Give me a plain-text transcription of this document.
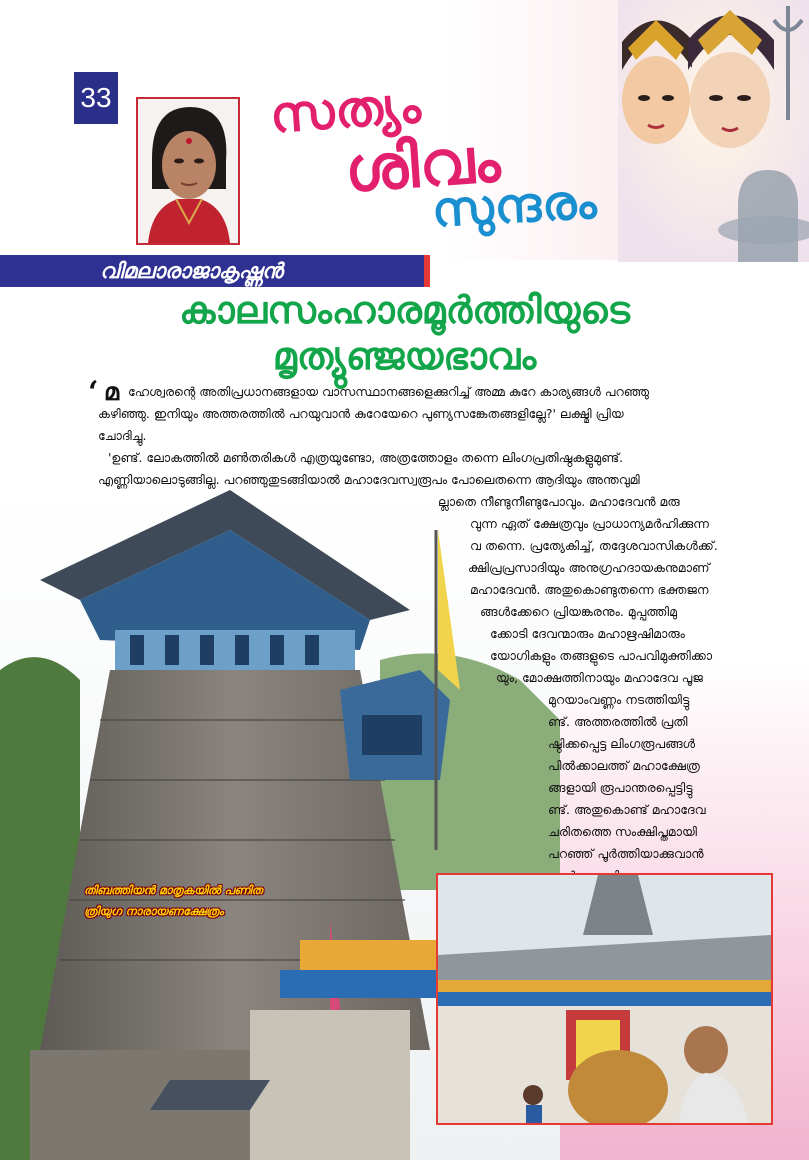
33	സത്യം
ശിവം
സുന്ദരം
വിമലാരാജാകൃഷ്ണൻ
കാലസംഹാരമൂർത്തിയുടെ
മൃത്യുഞ്ജയഭാവം
‘ മ ഹേശ്വരന്റെ അതിപ്രധാനങ്ങളായ വാസസ്ഥാനങ്ങളെക്കുറിച്ച് അമ്മ കുറേ കാര്യങ്ങൾ പറഞ്ഞു
കഴിഞ്ഞു. ഇനിയും അത്തരത്തിൽ പറയുവാൻ കുറേയേറെ പുണ്യസങ്കേതങ്ങളില്ലേ?' ലക്ഷ്മി പ്രിയ
ചോദിച്ചു.
'ഉണ്ട്. ലോകത്തിൽ മൺതരികൾ എത്രയുണ്ടോ, അത്രത്തോളം തന്നെ ലിംഗപ്രതിഷ്ഠകളുമുണ്ട്.
എണ്ണിയാലൊടുങ്ങില്ല. പറഞ്ഞുതുടങ്ങിയാൽ മഹാദേവസ്വരൂപം പോലെതന്നെ ആദിയും അന്തവുമി
തിബത്തിയൻ മാതൃകയിൽ പണിത
ത്രിയുഗ നാരായണക്ഷേത്രം
ല്ലാതെ നീണ്ടുനീണ്ടുപോവും. മഹാദേവൻ മരു
വുന്ന ഏത് ക്ഷേത്രവും പ്രാധാന്യമർഹിക്കുന്ന
വ തന്നെ. പ്രത്യേകിച്ച്, തദ്ദേശവാസികൾക്ക്.
ക്ഷിപ്രപ്രസാദിയും അനുഗ്രഹദായകനുമാണ്
മഹാദേവൻ. അതുകൊണ്ടുതന്നെ ഭക്തജന
ങ്ങൾക്കേറെ പ്രിയങ്കരനും. മുപ്പത്തിമു
ക്കോടി ദേവന്മാരും മഹാഋഷിമാരും
യോഗികളും തങ്ങളുടെ പാപവിമുക്തിക്കാ
യും, മോക്ഷത്തിനായും മഹാദേവ പൂജ
മുറയാംവണ്ണം നടത്തിയിട്ടു
ണ്ട്. അത്തരത്തിൽ പ്രതി
ഷ്ഠിക്കപ്പെട്ട ലിംഗരൂപങ്ങൾ
പിൽക്കാലത്ത് മഹാക്ഷേത്ര
ങ്ങളായി രൂപാന്തരപ്പെട്ടിട്ടു
ണ്ട്. അതുകൊണ്ട് മഹാദേവ
ചരിതത്തെ സംക്ഷിപ്തമായി
പറഞ്ഞ് പൂർത്തിയാക്കുവാൻ
